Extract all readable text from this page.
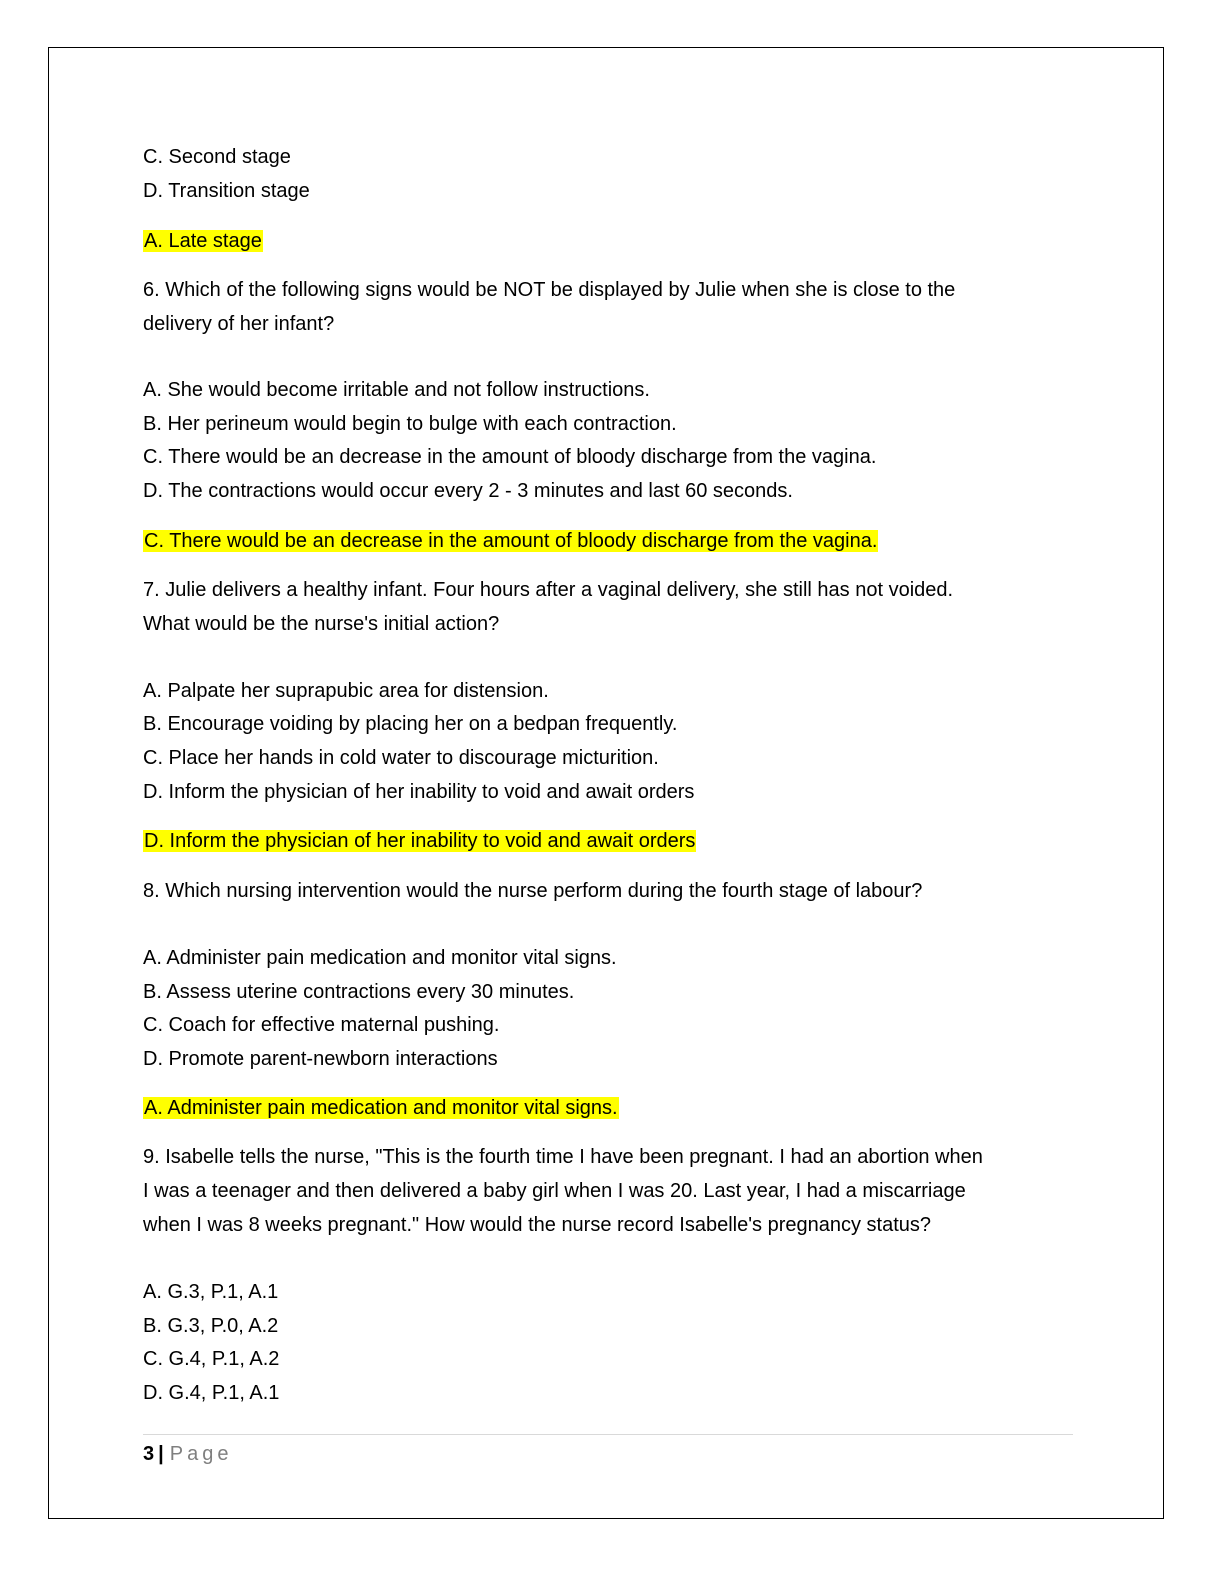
C. Second stage
D. Transition stage
A. Late stage
6. Which of the following signs would be NOT be displayed by Julie when she is close to the
delivery of her infant?
A. She would become irritable and not follow instructions.
B. Her perineum would begin to bulge with each contraction.
C. There would be an decrease in the amount of bloody discharge from the vagina.
D. The contractions would occur every 2 - 3 minutes and last 60 seconds.
C. There would be an decrease in the amount of bloody discharge from the vagina.
7. Julie delivers a healthy infant. Four hours after a vaginal delivery, she still has not voided.
What would be the nurse's initial action?
A. Palpate her suprapubic area for distension.
B. Encourage voiding by placing her on a bedpan frequently.
C. Place her hands in cold water to discourage micturition.
D. Inform the physician of her inability to void and await orders
D. Inform the physician of her inability to void and await orders
8. Which nursing intervention would the nurse perform during the fourth stage of labour?
A. Administer pain medication and monitor vital signs.
B. Assess uterine contractions every 30 minutes.
C. Coach for effective maternal pushing.
D. Promote parent-newborn interactions
A. Administer pain medication and monitor vital signs.
9. Isabelle tells the nurse, "This is the fourth time I have been pregnant. I had an abortion when
I was a teenager and then delivered a baby girl when I was 20. Last year, I had a miscarriage
when I was 8 weeks pregnant." How would the nurse record Isabelle's pregnancy status?
A. G.3, P.1, A.1
B. G.3, P.0, A.2
C. G.4, P.1, A.2
D. G.4, P.1, A.1
3 | Page
